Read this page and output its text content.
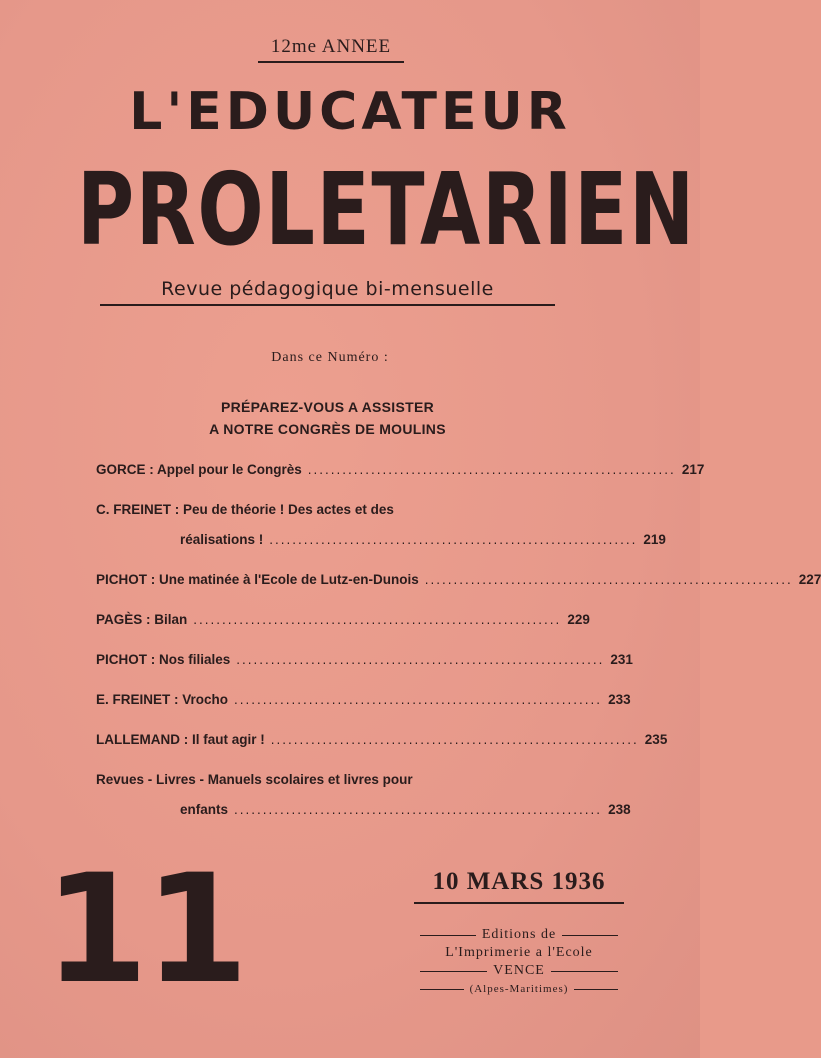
12me ANNEE
L'EDUCATEUR
PROLETARIEN
Revue pédagogique bi-mensuelle
Dans ce Numéro :
PRÉPAREZ-VOUS A ASSISTER
A NOTRE CONGRÈS DE MOULINS
GORCE : Appel pour le Congrès ................................................................ 217
C. FREINET : Peu de théorie ! Des actes et des
réalisations ! ................................................................ 219
PICHOT : Une matinée à l'Ecole de Lutz-en-Dunois ................................................................ 227
PAGÈS : Bilan ................................................................ 229
PICHOT : Nos filiales ................................................................ 231
E. FREINET : Vrocho ................................................................ 233
LALLEMAND : Il faut agir ! ................................................................ 235
Revues - Livres - Manuels scolaires et livres pour
enfants ................................................................ 238
11	10 MARS 1936
Editions de
L'Imprimerie a l'Ecole
VENCE
(Alpes-Maritimes)
